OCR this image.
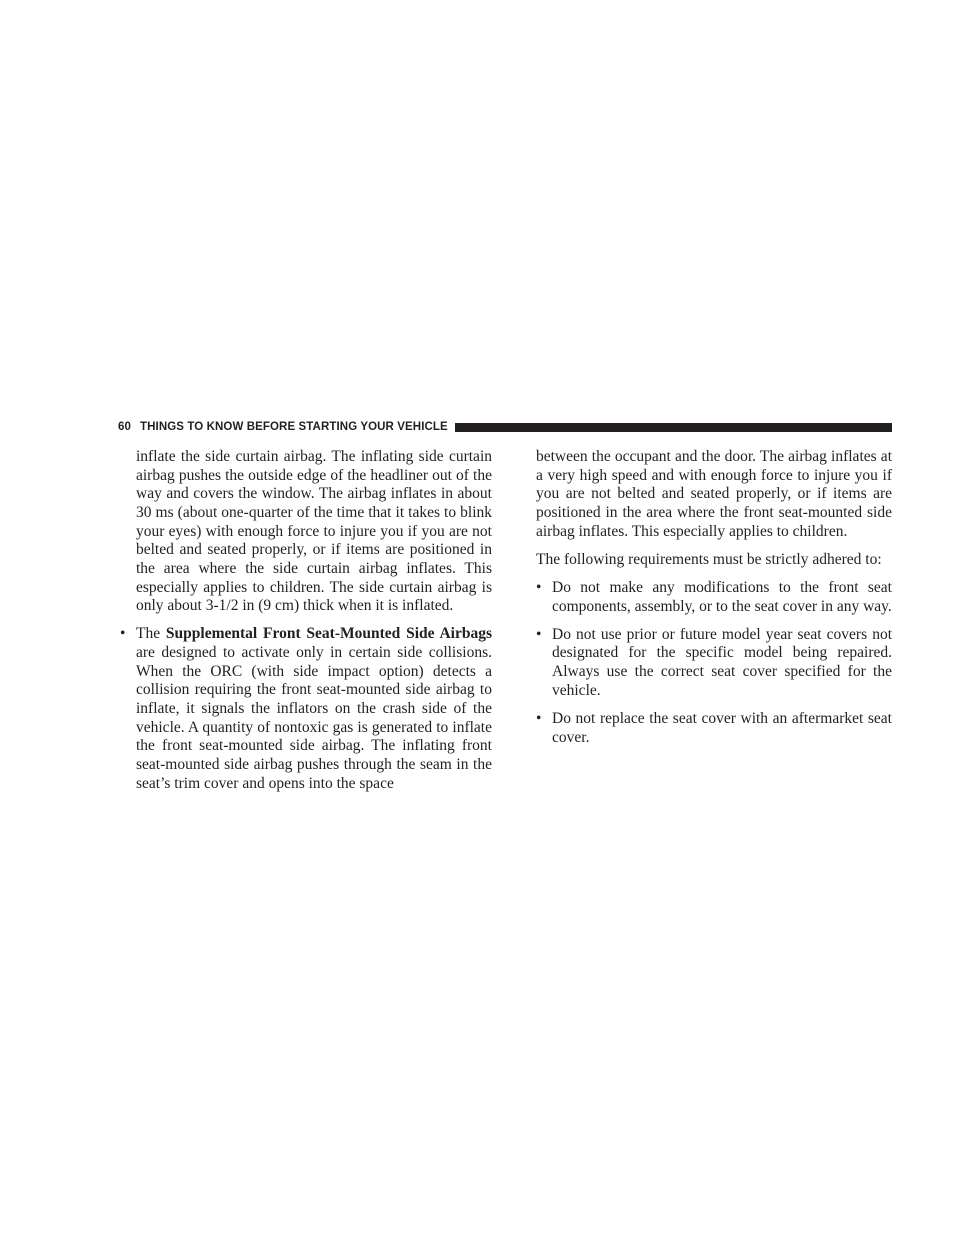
60 THINGS TO KNOW BEFORE STARTING YOUR VEHICLE

inflate the side curtain airbag. The inflating side curtain airbag pushes the outside edge of the headliner out of the way and covers the window. The airbag inflates in about 30 ms (about one-quarter of the time that it takes to blink your eyes) with enough force to injure you if you are not belted and seated properly, or if items are positioned in the area where the side curtain airbag inflates. This especially applies to children. The side curtain airbag is only about 3-1/2 in (9 cm) thick when it is inflated.

• The Supplemental Front Seat-Mounted Side Airbags are designed to activate only in certain side collisions. When the ORC (with side impact option) detects a collision requiring the front seat-mounted side airbag to inflate, it signals the inflators on the crash side of the vehicle. A quantity of nontoxic gas is generated to inflate the front seat-mounted side airbag. The inflating front seat-mounted side airbag pushes through the seam in the seat’s trim cover and opens into the space

between the occupant and the door. The airbag inflates at a very high speed and with enough force to injure you if you are not belted and seated properly, or if items are positioned in the area where the front seat-mounted side airbag inflates. This especially applies to children.

The following requirements must be strictly adhered to:

• Do not make any modifications to the front seat components, assembly, or to the seat cover in any way.
• Do not use prior or future model year seat covers not designated for the specific model being repaired. Always use the correct seat cover specified for the vehicle.
• Do not replace the seat cover with an aftermarket seat cover.
